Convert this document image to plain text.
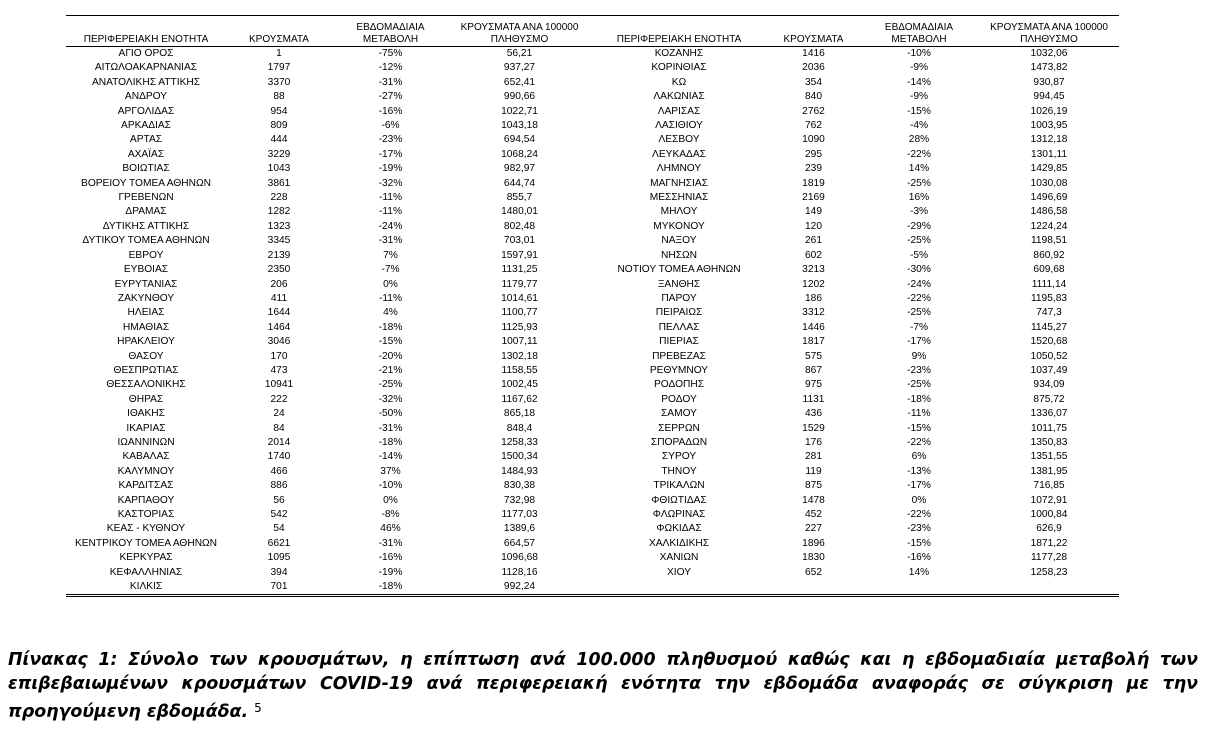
ΠΕΡΙΦΕΡΕΙΑΚΗ ΕΝΟΤΗΤΑ	ΚΡΟΥΣΜΑΤΑ	ΕΒΔΟΜΑΔΙΑΙΑ ΜΕΤΑΒΟΛΗ	ΚΡΟΥΣΜΑΤΑ ΑΝΑ 100000 ΠΛΗΘΥΣΜΟ	ΠΕΡΙΦΕΡΕΙΑΚΗ ΕΝΟΤΗΤΑ	ΚΡΟΥΣΜΑΤΑ	ΕΒΔΟΜΑΔΙΑΙΑ ΜΕΤΑΒΟΛΗ	ΚΡΟΥΣΜΑΤΑ ΑΝΑ 100000 ΠΛΗΘΥΣΜΟ
ΑΓΙΟ ΟΡΟΣ	1	-75%	56,21	ΚΟΖΑΝΗΣ	1416	-10%	1032,06
ΑΙΤΩΛΟΑΚΑΡΝΑΝΙΑΣ	1797	-12%	937,27	ΚΟΡΙΝΘΙΑΣ	2036	-9%	1473,82
ΑΝΑΤΟΛΙΚΗΣ ΑΤΤΙΚΗΣ	3370	-31%	652,41	ΚΩ	354	-14%	930,87
ΑΝΔΡΟΥ	88	-27%	990,66	ΛΑΚΩΝΙΑΣ	840	-9%	994,45
ΑΡΓΟΛΙΔΑΣ	954	-16%	1022,71	ΛΑΡΙΣΑΣ	2762	-15%	1026,19
ΑΡΚΑΔΙΑΣ	809	-6%	1043,18	ΛΑΣΙΘΙΟΥ	762	-4%	1003,95
ΑΡΤΑΣ	444	-23%	694,54	ΛΕΣΒΟΥ	1090	28%	1312,18
ΑΧΑΪΑΣ	3229	-17%	1068,24	ΛΕΥΚΑΔΑΣ	295	-22%	1301,11
ΒΟΙΩΤΙΑΣ	1043	-19%	982,97	ΛΗΜΝΟΥ	239	14%	1429,85
ΒΟΡΕΙΟΥ ΤΟΜΕΑ ΑΘΗΝΩΝ	3861	-32%	644,74	ΜΑΓΝΗΣΙΑΣ	1819	-25%	1030,08
ΓΡΕΒΕΝΩΝ	228	-11%	855,7	ΜΕΣΣΗΝΙΑΣ	2169	16%	1496,69
ΔΡΑΜΑΣ	1282	-11%	1480,01	ΜΗΛΟΥ	149	-3%	1486,58
ΔΥΤΙΚΗΣ ΑΤΤΙΚΗΣ	1323	-24%	802,48	ΜΥΚΟΝΟΥ	120	-29%	1224,24
ΔΥΤΙΚΟΥ ΤΟΜΕΑ ΑΘΗΝΩΝ	3345	-31%	703,01	ΝΑΞΟΥ	261	-25%	1198,51
ΕΒΡΟΥ	2139	7%	1597,91	ΝΗΣΩΝ	602	-5%	860,92
ΕΥΒΟΙΑΣ	2350	-7%	1131,25	ΝΟΤΙΟΥ ΤΟΜΕΑ ΑΘΗΝΩΝ	3213	-30%	609,68
ΕΥΡΥΤΑΝΙΑΣ	206	0%	1179,77	ΞΑΝΘΗΣ	1202	-24%	1111,14
ΖΑΚΥΝΘΟΥ	411	-11%	1014,61	ΠΑΡΟΥ	186	-22%	1195,83
ΗΛΕΙΑΣ	1644	4%	1100,77	ΠΕΙΡΑΙΩΣ	3312	-25%	747,3
ΗΜΑΘΙΑΣ	1464	-18%	1125,93	ΠΕΛΛΑΣ	1446	-7%	1145,27
ΗΡΑΚΛΕΙΟΥ	3046	-15%	1007,11	ΠΙΕΡΙΑΣ	1817	-17%	1520,68
ΘΑΣΟΥ	170	-20%	1302,18	ΠΡΕΒΕΖΑΣ	575	9%	1050,52
ΘΕΣΠΡΩΤΙΑΣ	473	-21%	1158,55	ΡΕΘΥΜΝΟΥ	867	-23%	1037,49
ΘΕΣΣΑΛΟΝΙΚΗΣ	10941	-25%	1002,45	ΡΟΔΟΠΗΣ	975	-25%	934,09
ΘΗΡΑΣ	222	-32%	1167,62	ΡΟΔΟΥ	1131	-18%	875,72
ΙΘΑΚΗΣ	24	-50%	865,18	ΣΑΜΟΥ	436	-11%	1336,07
ΙΚΑΡΙΑΣ	84	-31%	848,4	ΣΕΡΡΩΝ	1529	-15%	1011,75
ΙΩΑΝΝΙΝΩΝ	2014	-18%	1258,33	ΣΠΟΡΑΔΩΝ	176	-22%	1350,83
ΚΑΒΑΛΑΣ	1740	-14%	1500,34	ΣΥΡΟΥ	281	6%	1351,55
ΚΑΛΥΜΝΟΥ	466	37%	1484,93	ΤΗΝΟΥ	119	-13%	1381,95
ΚΑΡΔΙΤΣΑΣ	886	-10%	830,38	ΤΡΙΚΑΛΩΝ	875	-17%	716,85
ΚΑΡΠΑΘΟΥ	56	0%	732,98	ΦΘΙΩΤΙΔΑΣ	1478	0%	1072,91
ΚΑΣΤΟΡΙΑΣ	542	-8%	1177,03	ΦΛΩΡΙΝΑΣ	452	-22%	1000,84
ΚΕΑΣ - ΚΥΘΝΟΥ	54	46%	1389,6	ΦΩΚΙΔΑΣ	227	-23%	626,9
ΚΕΝΤΡΙΚΟΥ ΤΟΜΕΑ ΑΘΗΝΩΝ	6621	-31%	664,57	ΧΑΛΚΙΔΙΚΗΣ	1896	-15%	1871,22
ΚΕΡΚΥΡΑΣ	1095	-16%	1096,68	ΧΑΝΙΩΝ	1830	-16%	1177,28
ΚΕΦΑΛΛΗΝΙΑΣ	394	-19%	1128,16	ΧΙΟΥ	652	14%	1258,23
ΚΙΛΚΙΣ	701	-18%	992,24				

Πίνακας 1: Σύνολο των κρουσμάτων, η επίπτωση ανά 100.000 πληθυσμού καθώς και η εβδομαδιαία μεταβολή των επιβεβαιωμένων κρουσμάτων COVID-19 ανά περιφερειακή ενότητα την εβδομάδα αναφοράς σε σύγκριση με την προηγούμενη εβδομάδα. $^5$
